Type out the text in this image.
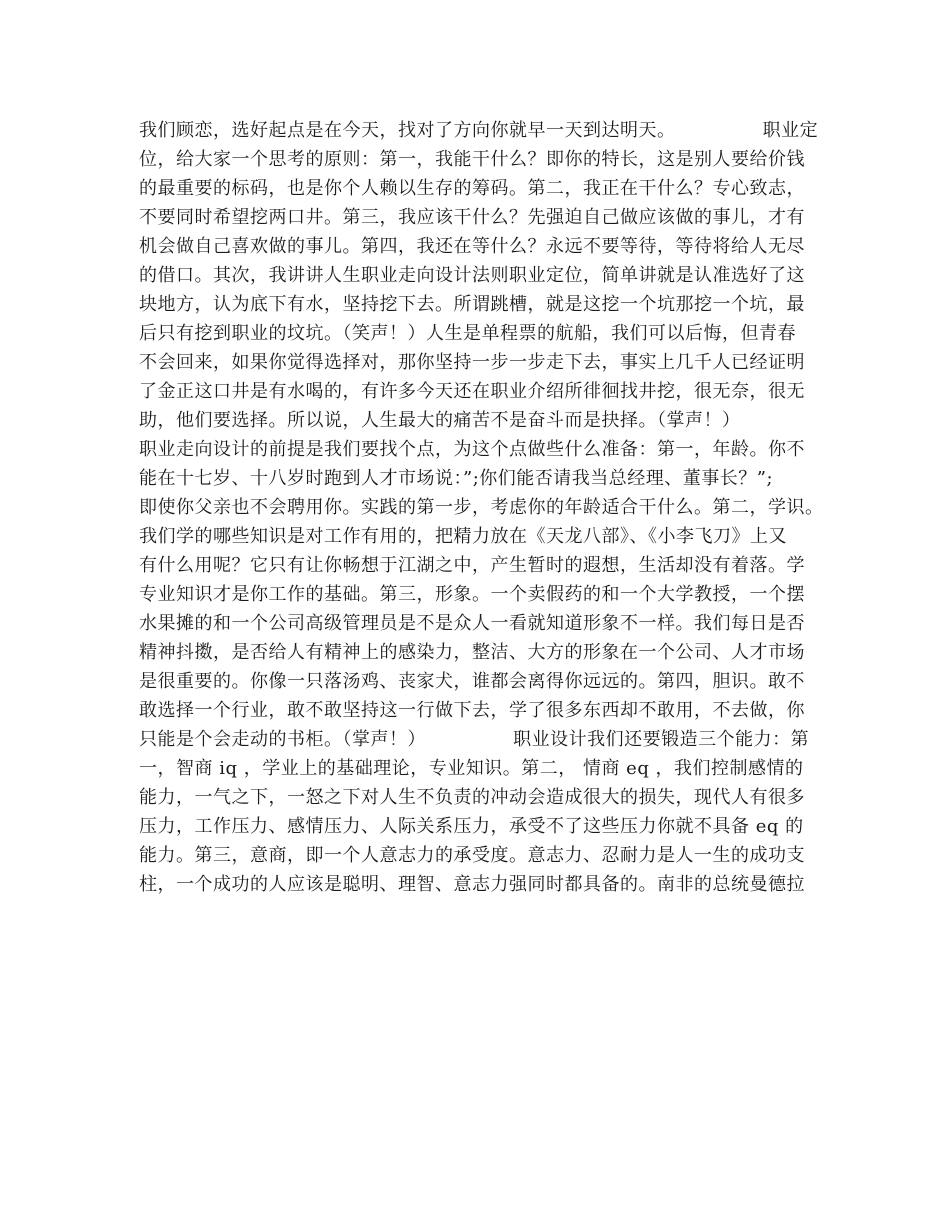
我们顾恋，选好起点是在今天，找对了方向你就早一天到达明天。              职业定
位，给大家一个思考的原则：第一，我能干什么？即你的特长，这是别人要给价钱
的最重要的标码，也是你个人赖以生存的筹码。第二，我正在干什么？专心致志，
不要同时希望挖两口井。第三，我应该干什么？先强迫自己做应该做的事儿，才有
机会做自己喜欢做的事儿。第四，我还在等什么？永远不要等待，等待将给人无尽
的借口。其次，我讲讲人生职业走向设计法则职业定位，简单讲就是认准选好了这
块地方，认为底下有水，坚持挖下去。所谓跳槽，就是这挖一个坑那挖一个坑，最
后只有挖到职业的坟坑。（笑声！）人生是单程票的航船，我们可以后悔，但青春
不会回来，如果你觉得选择对，那你坚持一步一步走下去，事实上几千人已经证明
了金正这口井是有水喝的，有许多今天还在职业介绍所徘徊找井挖，很无奈，很无
助，他们要选择。所以说，人生最大的痛苦不是奋斗而是抉择。（掌声！）
职业走向设计的前提是我们要找个点，为这个点做些什么准备：第一，年龄。你不
能在十七岁、十八岁时跑到人才市场说：”;你们能否请我当总经理、董事长？”;
即使你父亲也不会聘用你。实践的第一步，考虑你的年龄适合干什么。第二，学识。
我们学的哪些知识是对工作有用的，把精力放在《天龙八部》、《小李飞刀》上又
有什么用呢？它只有让你畅想于江湖之中，产生暂时的遐想，生活却没有着落。学
专业知识才是你工作的基础。第三，形象。一个卖假药的和一个大学教授，一个摆
水果摊的和一个公司高级管理员是不是众人一看就知道形象不一样。我们每日是否
精神抖擞，是否给人有精神上的感染力，整洁、大方的形象在一个公司、人才市场
是很重要的。你像一只落汤鸡、丧家犬，谁都会离得你远远的。第四，胆识。敢不
敢选择一个行业，敢不敢坚持这一行做下去，学了很多东西却不敢用，不去做，你
只能是个会走动的书柜。（掌声！）              职业设计我们还要锻造三个能力：第
一，智商 iq ，学业上的基础理论，专业知识。第二， 情商 eq ，我们控制感情的
能力，一气之下，一怒之下对人生不负责的冲动会造成很大的损失，现代人有很多
压力，工作压力、感情压力、人际关系压力，承受不了这些压力你就不具备 eq 的
能力。第三，意商，即一个人意志力的承受度。意志力、忍耐力是人一生的成功支
柱，一个成功的人应该是聪明、理智、意志力强同时都具备的。南非的总统曼德拉
